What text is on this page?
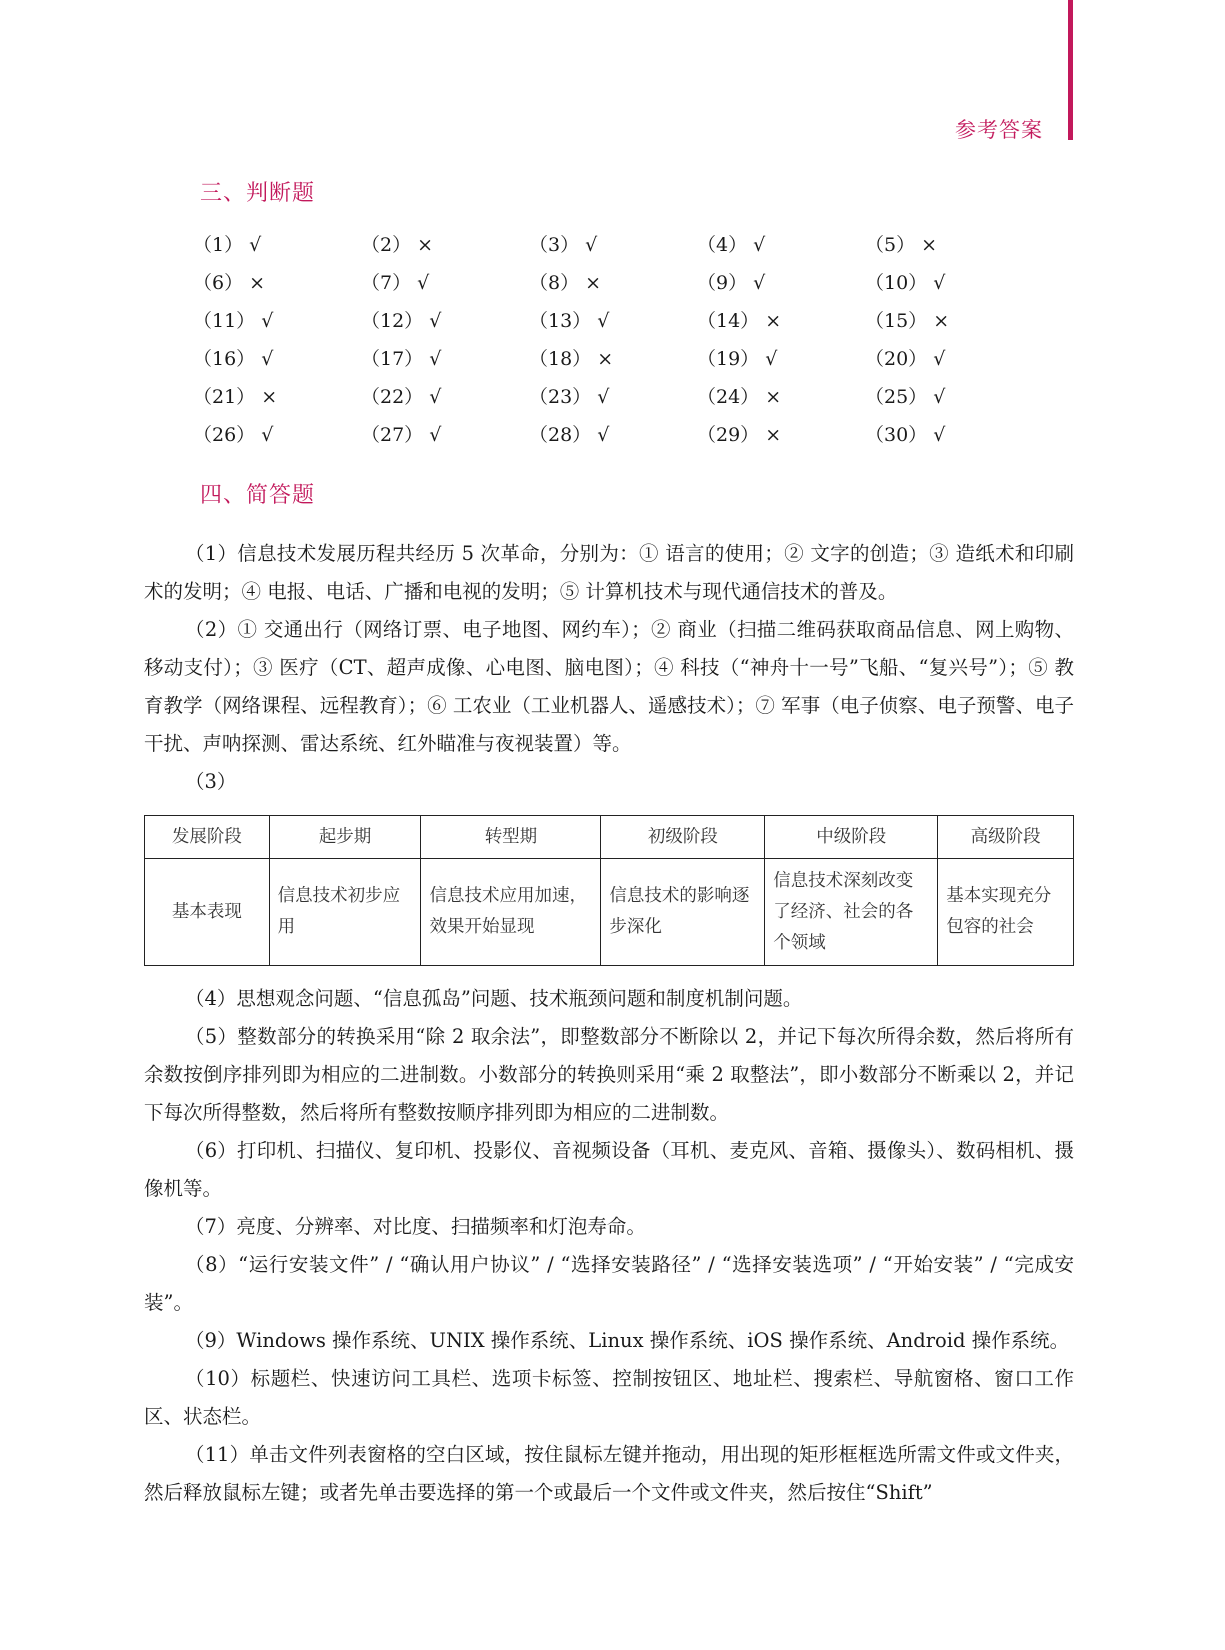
参考答案
三、判断题
（1） √	（2） ×	（3） √	（4） √	（5） ×
（6） ×	（7） √	（8） ×	（9） √	（10） √
（11） √	（12） √	（13） √	（14） ×	（15） ×
（16） √	（17） √	（18） ×	（19） √	（20） √
（21） ×	（22） √	（23） √	（24） ×	（25） √
（26） √	（27） √	（28） √	（29） ×	（30） √
四、简答题

（1）信息技术发展历程共经历 5 次革命，分别为：① 语言的使用；② 文字的创造；③ 造纸术和印刷术的发明；④ 电报、电话、广播和电视的发明；⑤ 计算机技术与现代通信技术的普及。

（2）① 交通出行（网络订票、电子地图、网约车）；② 商业（扫描二维码获取商品信息、网上购物、移动支付）；③ 医疗（CT、超声成像、心电图、脑电图）；④ 科技（“神舟十一号”飞船、“复兴号”）；⑤ 教育教学（网络课程、远程教育）；⑥ 工农业（工业机器人、遥感技术）；⑦ 军事（电子侦察、电子预警、电子干扰、声呐探测、雷达系统、红外瞄准与夜视装置）等。

（3）

发展阶段	起步期	转型期	初级阶段	中级阶段	高级阶段
基本表现	信息技术初步应用	信息技术应用加速，效果开始显现	信息技术的影响逐步深化	信息技术深刻改变了经济、社会的各个领域	基本实现充分包容的社会

（4）思想观念问题、“信息孤岛”问题、技术瓶颈问题和制度机制问题。

（5）整数部分的转换采用“除 2 取余法”，即整数部分不断除以 2，并记下每次所得余数，然后将所有余数按倒序排列即为相应的二进制数。小数部分的转换则采用“乘 2 取整法”，即小数部分不断乘以 2，并记下每次所得整数，然后将所有整数按顺序排列即为相应的二进制数。

（6）打印机、扫描仪、复印机、投影仪、音视频设备（耳机、麦克风、音箱、摄像头）、数码相机、摄像机等。

（7）亮度、分辨率、对比度、扫描频率和灯泡寿命。

（8）“运行安装文件” / “确认用户协议” / “选择安装路径” / “选择安装选项” / “开始安装” / “完成安装”。

（9）Windows 操作系统、UNIX 操作系统、Linux 操作系统、iOS 操作系统、Android 操作系统。

（10）标题栏、快速访问工具栏、选项卡标签、控制按钮区、地址栏、搜索栏、导航窗格、窗口工作区、状态栏。

（11）单击文件列表窗格的空白区域，按住鼠标左键并拖动，用出现的矩形框框选所需文件或文件夹，然后释放鼠标左键；或者先单击要选择的第一个或最后一个文件或文件夹，然后按住“Shift”
